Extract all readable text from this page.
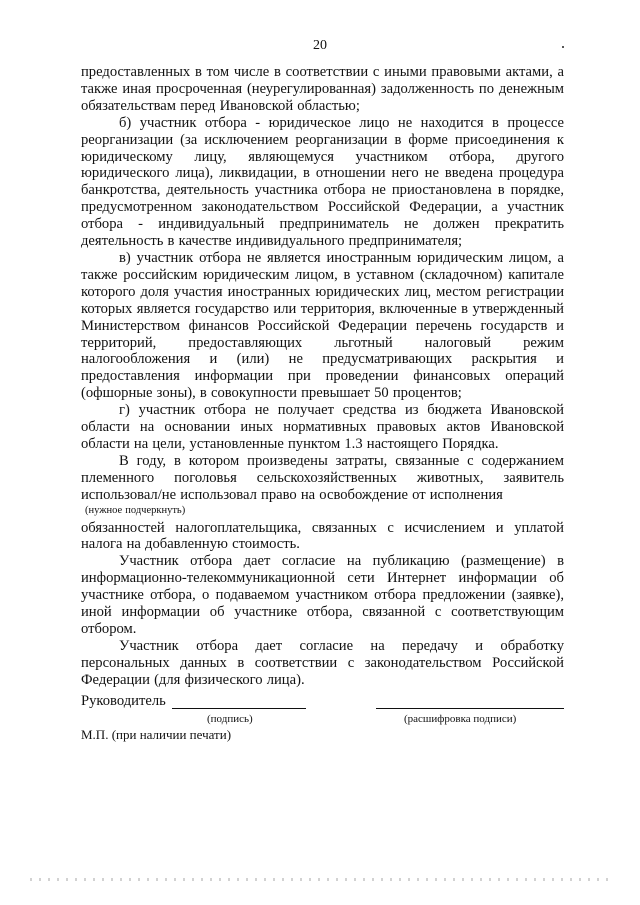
20

предоставленных в том числе в соответствии с иными правовыми актами, а также иная просроченная (неурегулированная) задолженность по денежным обязательствам перед Ивановской областью;

б) участник отбора - юридическое лицо не находится в процессе реорганизации (за исключением реорганизации в форме присоединения к юридическому лицу, являющемуся участником отбора, другого юридического лица), ликвидации, в отношении него не введена процедура банкротства, деятельность участника отбора не приостановлена в порядке, предусмотренном законодательством Российской Федерации, а участник отбора - индивидуальный предприниматель не должен прекратить деятельность в качестве индивидуального предпринимателя;

в) участник отбора не является иностранным юридическим лицом, а также российским юридическим лицом, в уставном (складочном) капитале которого доля участия иностранных юридических лиц, местом регистрации которых является государство или территория, включенные в утвержденный Министерством финансов Российской Федерации перечень государств и территорий, предоставляющих льготный налоговый режим налогообложения и (или) не предусматривающих раскрытия и предоставления информации при проведении финансовых операций (офшорные зоны), в совокупности превышает 50 процентов;

г) участник отбора не получает средства из бюджета Ивановской области на основании иных нормативных правовых актов Ивановской области на цели, установленные пунктом 1.3 настоящего Порядка.

В году, в котором произведены затраты, связанные с содержанием племенного поголовья сельскохозяйственных животных, заявитель использовал/не использовал право на освобождение от исполнения

(нужное подчеркнуть)

обязанностей налогоплательщика, связанных с исчислением и уплатой налога на добавленную стоимость.

Участник отбора дает согласие на публикацию (размещение) в информационно-телекоммуникационной сети Интернет информации об участнике отбора, о подаваемом участником отбора предложении (заявке), иной информации об участнике отбора, связанной с соответствующим отбором.

Участник отбора дает согласие на передачу и обработку персональных данных в соответствии с законодательством Российской Федерации (для физического лица).

Руководитель
(подпись)	(расшифровка подписи)
М.П. (при наличии печати)
